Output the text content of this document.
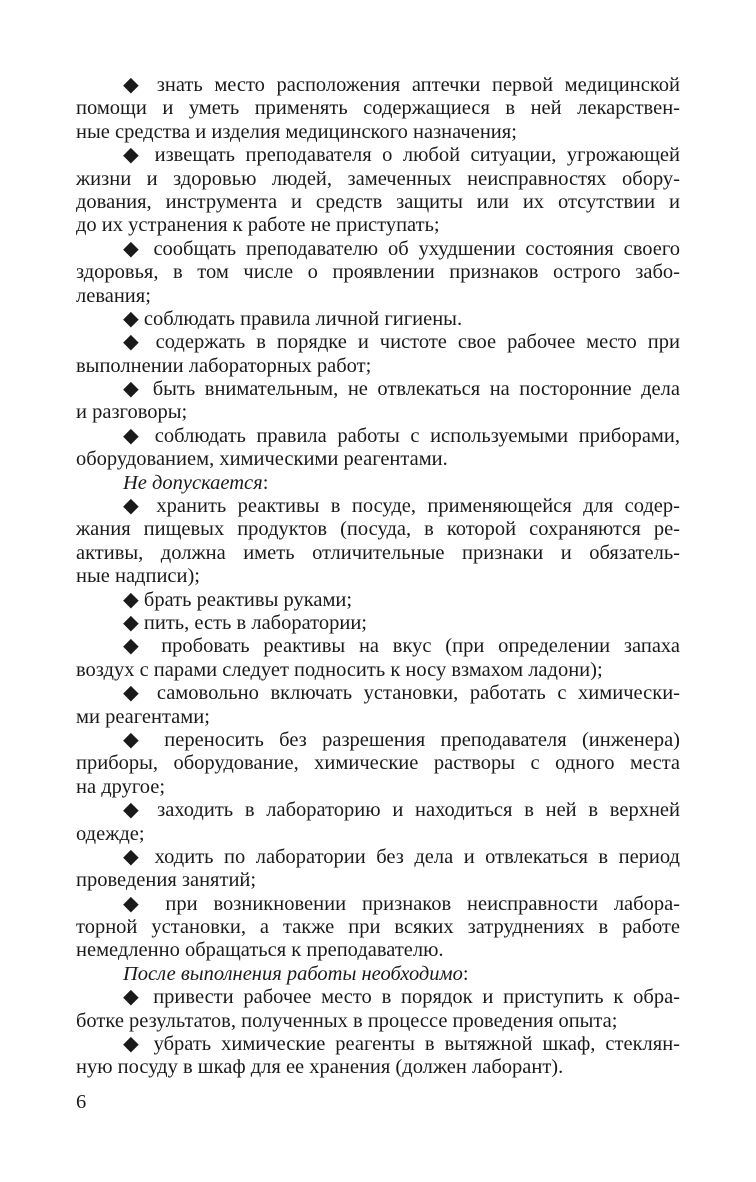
◆ знать место расположения аптечки первой медицинской
помощи и уметь применять содержащиеся в ней лекарствен-
ные средства и изделия медицинского назначения;
◆ извещать преподавателя о любой ситуации, угрожающей
жизни и здоровью людей, замеченных неисправностях обору-
дования, инструмента и средств защиты или их отсутствии и
до их устранения к работе не приступать;
◆ сообщать преподавателю об ухудшении состояния своего
здоровья, в том числе о проявлении признаков острого забо-
левания;
◆ соблюдать правила личной гигиены.
◆ содержать в порядке и чистоте свое рабочее место при
выполнении лабораторных работ;
◆ быть внимательным, не отвлекаться на посторонние дела
и разговоры;
◆ соблюдать правила работы с используемыми приборами,
оборудованием, химическими реагентами.
Не допускается:
◆ хранить реактивы в посуде, применяющейся для содер-
жания пищевых продуктов (посуда, в которой сохраняются ре-
активы, должна иметь отличительные признаки и обязатель-
ные надписи);
◆ брать реактивы руками;
◆ пить, есть в лаборатории;
◆ пробовать реактивы на вкус (при определении запаха
воздух с парами следует подносить к носу взмахом ладони);
◆ самовольно включать установки, работать с химически-
ми реагентами;
◆ переносить без разрешения преподавателя (инженера)
приборы, оборудование, химические растворы с одного места
на другое;
◆ заходить в лабораторию и находиться в ней в верхней
одежде;
◆ ходить по лаборатории без дела и отвлекаться в период
проведения занятий;
◆ при возникновении признаков неисправности лабора-
торной установки, а также при всяких затруднениях в работе
немедленно обращаться к преподавателю.
После выполнения работы необходимо:
◆ привести рабочее место в порядок и приступить к обра-
ботке результатов, полученных в процессе проведения опыта;
◆ убрать химические реагенты в вытяжной шкаф, стеклян-
ную посуду в шкаф для ее хранения (должен лаборант).
6
